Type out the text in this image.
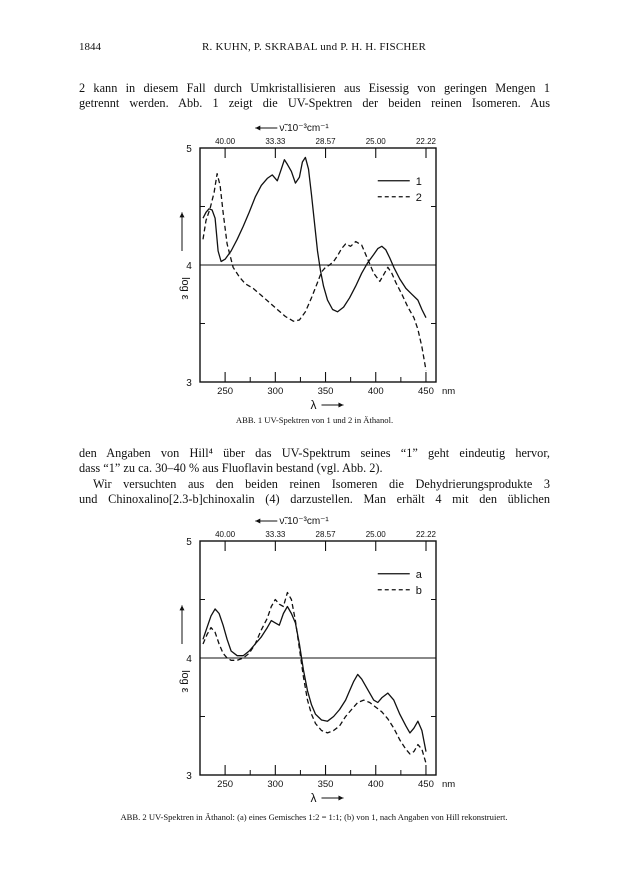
1844	R. KUHN, P. SKRABAL und P. H. H. FISCHER
2 kann in diesem Fall durch Umkristallisieren aus Eisessig von geringen Mengen 1
getrennt werden. Abb. 1 zeigt die UV-Spektren der beiden reinen Isomeren. Aus
den Angaben von Hill⁴ über das UV-Spektrum seines “1” geht eindeutig hervor,
dass “1” zu ca. 30–40 % aus Fluoflavin bestand (vgl. Abb. 2).
Wir versuchten aus den beiden reinen Isomeren die Dehydrierungsprodukte 3
und Chinoxalino[2.3-b]chinoxalin (4) darzustellen. Man erhält 4 mit den üblichen
ABB. 1 UV-Spektren von 1 und 2 in Äthanol.
ABB. 2 UV-Spektren in Äthanol: (a) eines Gemisches 1:2 = 1:1; (b) von 1, nach Angaben von Hill rekonstruiert.
3
4
5
250	300	350	400	450 nm
40.00	33.33	28.57	25.00	22.22
ν̃.10⁻³cm⁻¹
λ
log ε
1
2
3
4
5
250	300	350	400	450 nm
40.00	33.33	28.57	25.00	22.22
ν̃.10⁻³cm⁻¹
λ
log ε
a
b
